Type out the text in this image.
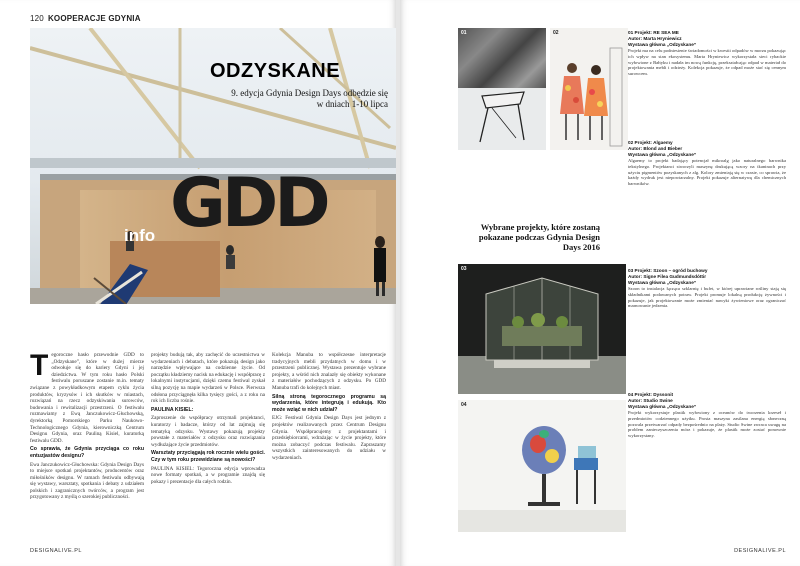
120 KOOPERACJE GDYNIA
GDD
info
ODZYSKANE
9. edycja Gdynia Design Days odbędzie się w dniach 1-10 lipca
T egoroczne hasło przewodnie GDD to „Odzyskane”, które w dużej mierze odwołuje się do kariery Gdyni i jej dziedzictwa. W tym roku hasło Polski festiwalu poruszane zostanie m.in. tematy związane z powykładkowym etapem cyklu życia produktów, kryzysów i ich skutków w miastach, rozwiązań na rzecz odzyskiwania surowców, budowania i rewitalizacji przestrzeni. O festiwalu rozmawiamy z Ewą Janczukowicz-Głuchowską, dyrektorką Pomorskiego Parku Naukowo-Technologicznego Gdynia, kierowniczką Centrum Designu Gdynia, oraz Pauliną Kisiel, kuratorką festiwalu GDD.

Co sprawia, że Gdynia przyciąga co roku entuzjastów designu?

Ewa Janczukowicz-Głuchowska: Gdynia Design Days to miejsce spotkań projektantów, producentów oraz miłośników designu. W ramach festiwalu odbywają się wystawy, warsztaty, spotkania i debaty z udziałem polskich i zagranicznych twórców, a program jest przygotowany z myślą o szerokiej publiczności.

projekty budują tak, aby zachęcić do uczestnictwa w wydarzeniach i debatach, które pokazują design jako narzędzie wpływające na codzienne życie. Od początku kładziemy nacisk na edukację i współpracę z lokalnymi instytucjami, dzięki czemu festiwal zyskał silną pozycję na mapie wydarzeń w Polsce. Pierwsza odsłona przyciągnęła kilka tysięcy gości, a z roku na rok ich liczba rośnie.

PAULINA KISIEL:

Zaproszenie do współpracy otrzymali projektanci, kuratorzy i badacze, którzy od lat zajmują się tematyką odzysku. Wystawy pokazują projekty powstałe z materiałów z odzysku oraz rozwiązania wydłużające życie przedmiotów.

Warsztaty przyciągają rok rocznie wielu gości. Czy w tym roku przewidziane są nowości?

PAULINA KISIEL: Tegoroczna edycja wprowadza nowe formaty spotkań, a w programie znajdą się pokazy i prezentacje dla całych rodzin.

Kolekcja Manuba to współczesne interpretacje tradycyjnych mebli przydatnych w domu i w przestrzeni publicznej. Wystawa prezentuje wybrane projekty, a wśród nich znalazły się obiekty wykonane z materiałów pochodzących z odzysku. Po GDD Manuba trafi do kolejnych miast.

Silną stroną tegorocznego programu są wydarzenia, które integrują i edukują. Kto może wziąć w nich udział?

EJG: Festiwal Gdynia Design Days jest jednym z projektów realizowanych przez Centrum Designu Gdynia. Współpracujemy z projektantami i przedsiębiorcami, wdrażając w życie projekty, które można zobaczyć podczas festiwalu. Zapraszamy wszystkich zainteresowanych do udziału w wydarzeniach.

DESIGNALIVE.PL
01	02
Wybrane projekty, które zostaną pokazane podczas Gdynia Design Days 2016
03
04
01 Projekt: RE SEA ME
Autor: Marta Hryniewicz
Wystawa główna „Odzyskane”
Projekt ma na celu podniesienie świadomości w kwestii odpadów w morzu pokazując ich wpływ na stan ekosystemu. Marta Hryniewicz wykorzystała sieci rybackie wyłowione z Bałtyku i nadała im nową funkcję, przekształcając odpad w materiał do projektowania mebli i odzieży. Kolekcja pokazuje, że odpad może stać się cennym surowcem.
02 Projekt: Algaemy
Autor: Blond and Bieber
Wystawa główna „Odzyskane”
Algaemy to projekt badający potencjał mikroalg jako naturalnego barwnika tekstylnego. Projektanci stworzyli maszynę drukującą wzory na tkaninach przy użyciu pigmentów pozyskanych z alg. Kolory zmieniają się w czasie, co sprawia, że każdy wydruk jest niepowtarzalny. Projekt pokazuje alternatywę dla chemicznych barwników.
03 Projekt: Szoon – ogród buchowy
Autor: Signe Filea Gudmundsdóttir
Wystawa główna „Odzyskane”
Szoon to instalacja łącząca szklarnię i bufet, w której uprawiane rośliny stają się składnikami podawanych potraw. Projekt promuje lokalną produkcję żywności i pokazuje, jak projektowanie może zmieniać nawyki żywieniowe oraz ograniczać marnowanie jedzenia.
04 Projekt: Dyssonit
Autor: Studio Swine
Wystawa główna „Odzyskane”
Projekt wykorzystuje plastik wyłowiony z oceanów do tworzenia krzeseł i przedmiotów codziennego użytku. Prosta maszyna zasilana energią słoneczną pozwala przetwarzać odpady bezpośrednio na plaży. Studio Swine zwraca uwagę na problem zanieczyszczenia mórz i pokazuje, że plastik może zostać ponownie wykorzystany.
DESIGNALIVE.PL
